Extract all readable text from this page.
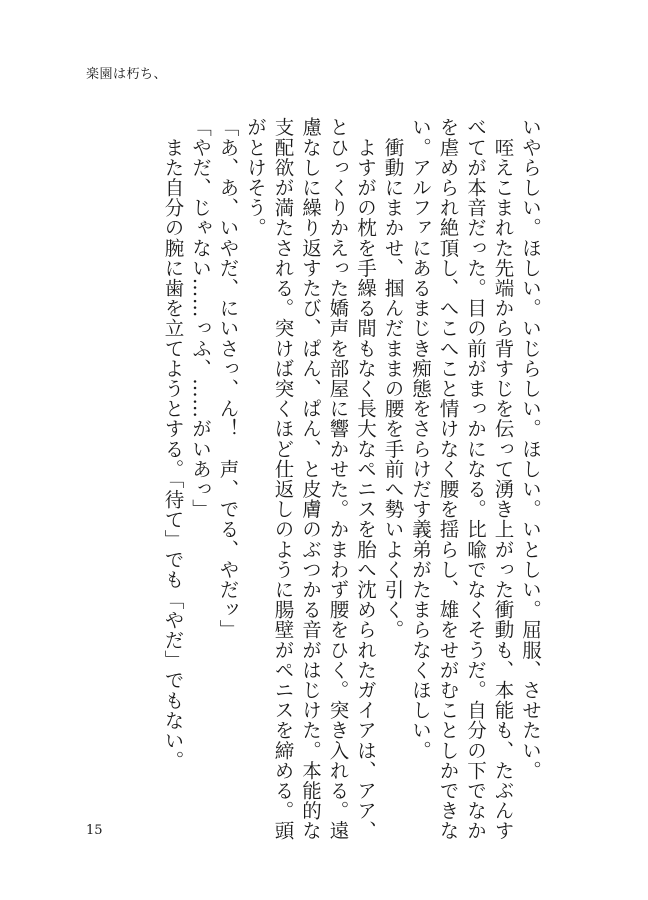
楽園は朽ち、

いやらしい。ほしい。いじらしい。ほしい。いとしい。屈服、させたい。

　咥えこまれた先端から背すじを伝って湧き上がった衝動も、本能も、たぶんす

べてが本音だった。目の前がまっかになる。比喩でなくそうだ。自分の下でなか

を虐められ絶頂し、へこへこと情けなく腰を揺らし、雄をせがむことしかできな

い。アルファにあるまじき痴態をさらけだす義弟がたまらなくほしい。

　衝動にまかせ、掴んだままの腰を手前へ勢いよく引く。

　よすがの枕を手繰る間もなく長大なペニスを胎へ沈められたガイアは、アア、

とひっくりかえった嬌声を部屋に響かせた。かまわず腰をひく。突き入れる。遠

慮なしに繰り返すたび、ぱん、ぱん、と皮膚のぶつかる音がはじけた。本能的な

支配欲が満たされる。突けば突くほど仕返しのように腸壁がペニスを締める。頭

がとけそう。

「あ、あ、いやだ、にいさっ、ん！　声、でる、やだッ」

「やだ、じゃない……っふ、……がいあっ」

　また自分の腕に歯を立てようとする。「待て」でも「やだ」でもない。

15
